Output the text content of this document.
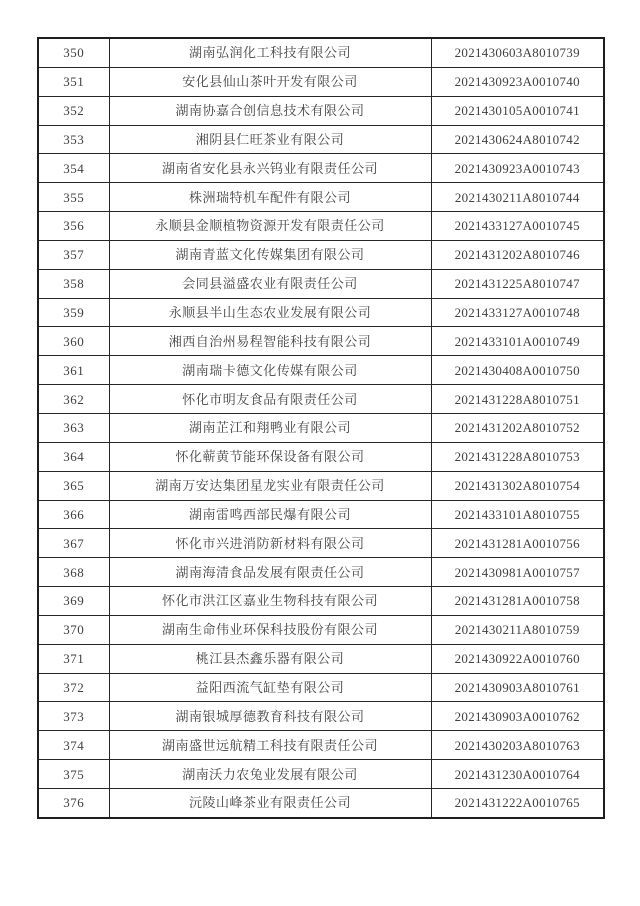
350	湖南弘润化工科技有限公司	2021430603A8010739
351	安化县仙山茶叶开发有限公司	2021430923A0010740
352	湖南协嘉合创信息技术有限公司	2021430105A0010741
353	湘阴县仁旺茶业有限公司	2021430624A8010742
354	湖南省安化县永兴钨业有限责任公司	2021430923A0010743
355	株洲瑞特机车配件有限公司	2021430211A8010744
356	永顺县金顺植物资源开发有限责任公司	2021433127A0010745
357	湖南青蓝文化传媒集团有限公司	2021431202A8010746
358	会同县溢盛农业有限责任公司	2021431225A8010747
359	永顺县半山生态农业发展有限公司	2021433127A0010748
360	湘西自治州易程智能科技有限公司	2021433101A0010749
361	湖南瑞卡德文化传媒有限公司	2021430408A0010750
362	怀化市明友食品有限责任公司	2021431228A8010751
363	湖南芷江和翔鸭业有限公司	2021431202A8010752
364	怀化蕲黄节能环保设备有限公司	2021431228A8010753
365	湖南万安达集团星龙实业有限责任公司	2021431302A8010754
366	湖南雷鸣西部民爆有限公司	2021433101A8010755
367	怀化市兴进消防新材料有限公司	2021431281A0010756
368	湖南海清食品发展有限责任公司	2021430981A0010757
369	怀化市洪江区嘉业生物科技有限公司	2021431281A0010758
370	湖南生命伟业环保科技股份有限公司	2021430211A8010759
371	桃江县杰鑫乐器有限公司	2021430922A0010760
372	益阳西流气缸垫有限公司	2021430903A8010761
373	湖南银城厚德教育科技有限公司	2021430903A0010762
374	湖南盛世远航精工科技有限责任公司	2021430203A8010763
375	湖南沃力农兔业发展有限公司	2021431230A0010764
376	沅陵山峰茶业有限责任公司	2021431222A0010765
